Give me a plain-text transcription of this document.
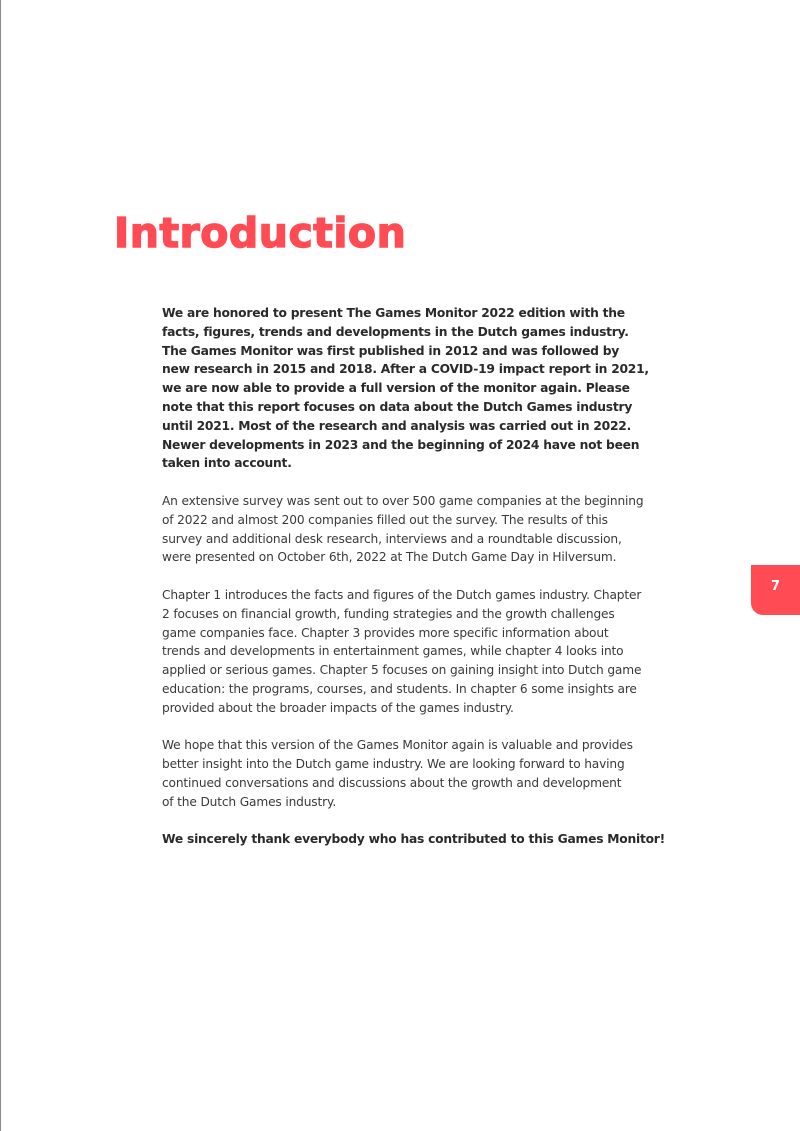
Introduction

We are honored to present The Games Monitor 2022 edition with the
facts, figures, trends and developments in the Dutch games industry.
The Games Monitor was first published in 2012 and was followed by
new research in 2015 and 2018. After a COVID-19 impact report in 2021,
we are now able to provide a full version of the monitor again. Please
note that this report focuses on data about the Dutch Games industry
until 2021. Most of the research and analysis was carried out in 2022.
Newer developments in 2023 and the beginning of 2024 have not been
taken into account.

An extensive survey was sent out to over 500 game companies at the beginning
of 2022 and almost 200 companies filled out the survey. The results of this
survey and additional desk research, interviews and a roundtable discussion,
were presented on October 6th, 2022 at The Dutch Game Day in Hilversum.

Chapter 1 introduces the facts and figures of the Dutch games industry. Chapter
2 focuses on financial growth, funding strategies and the growth challenges
game companies face. Chapter 3 provides more specific information about
trends and developments in entertainment games, while chapter 4 looks into
applied or serious games. Chapter 5 focuses on gaining insight into Dutch game
education: the programs, courses, and students. In chapter 6 some insights are
provided about the broader impacts of the games industry.

We hope that this version of the Games Monitor again is valuable and provides
better insight into the Dutch game industry. We are looking forward to having
continued conversations and discussions about the growth and development
of the Dutch Games industry.

We sincerely thank everybody who has contributed to this Games Monitor!

7
